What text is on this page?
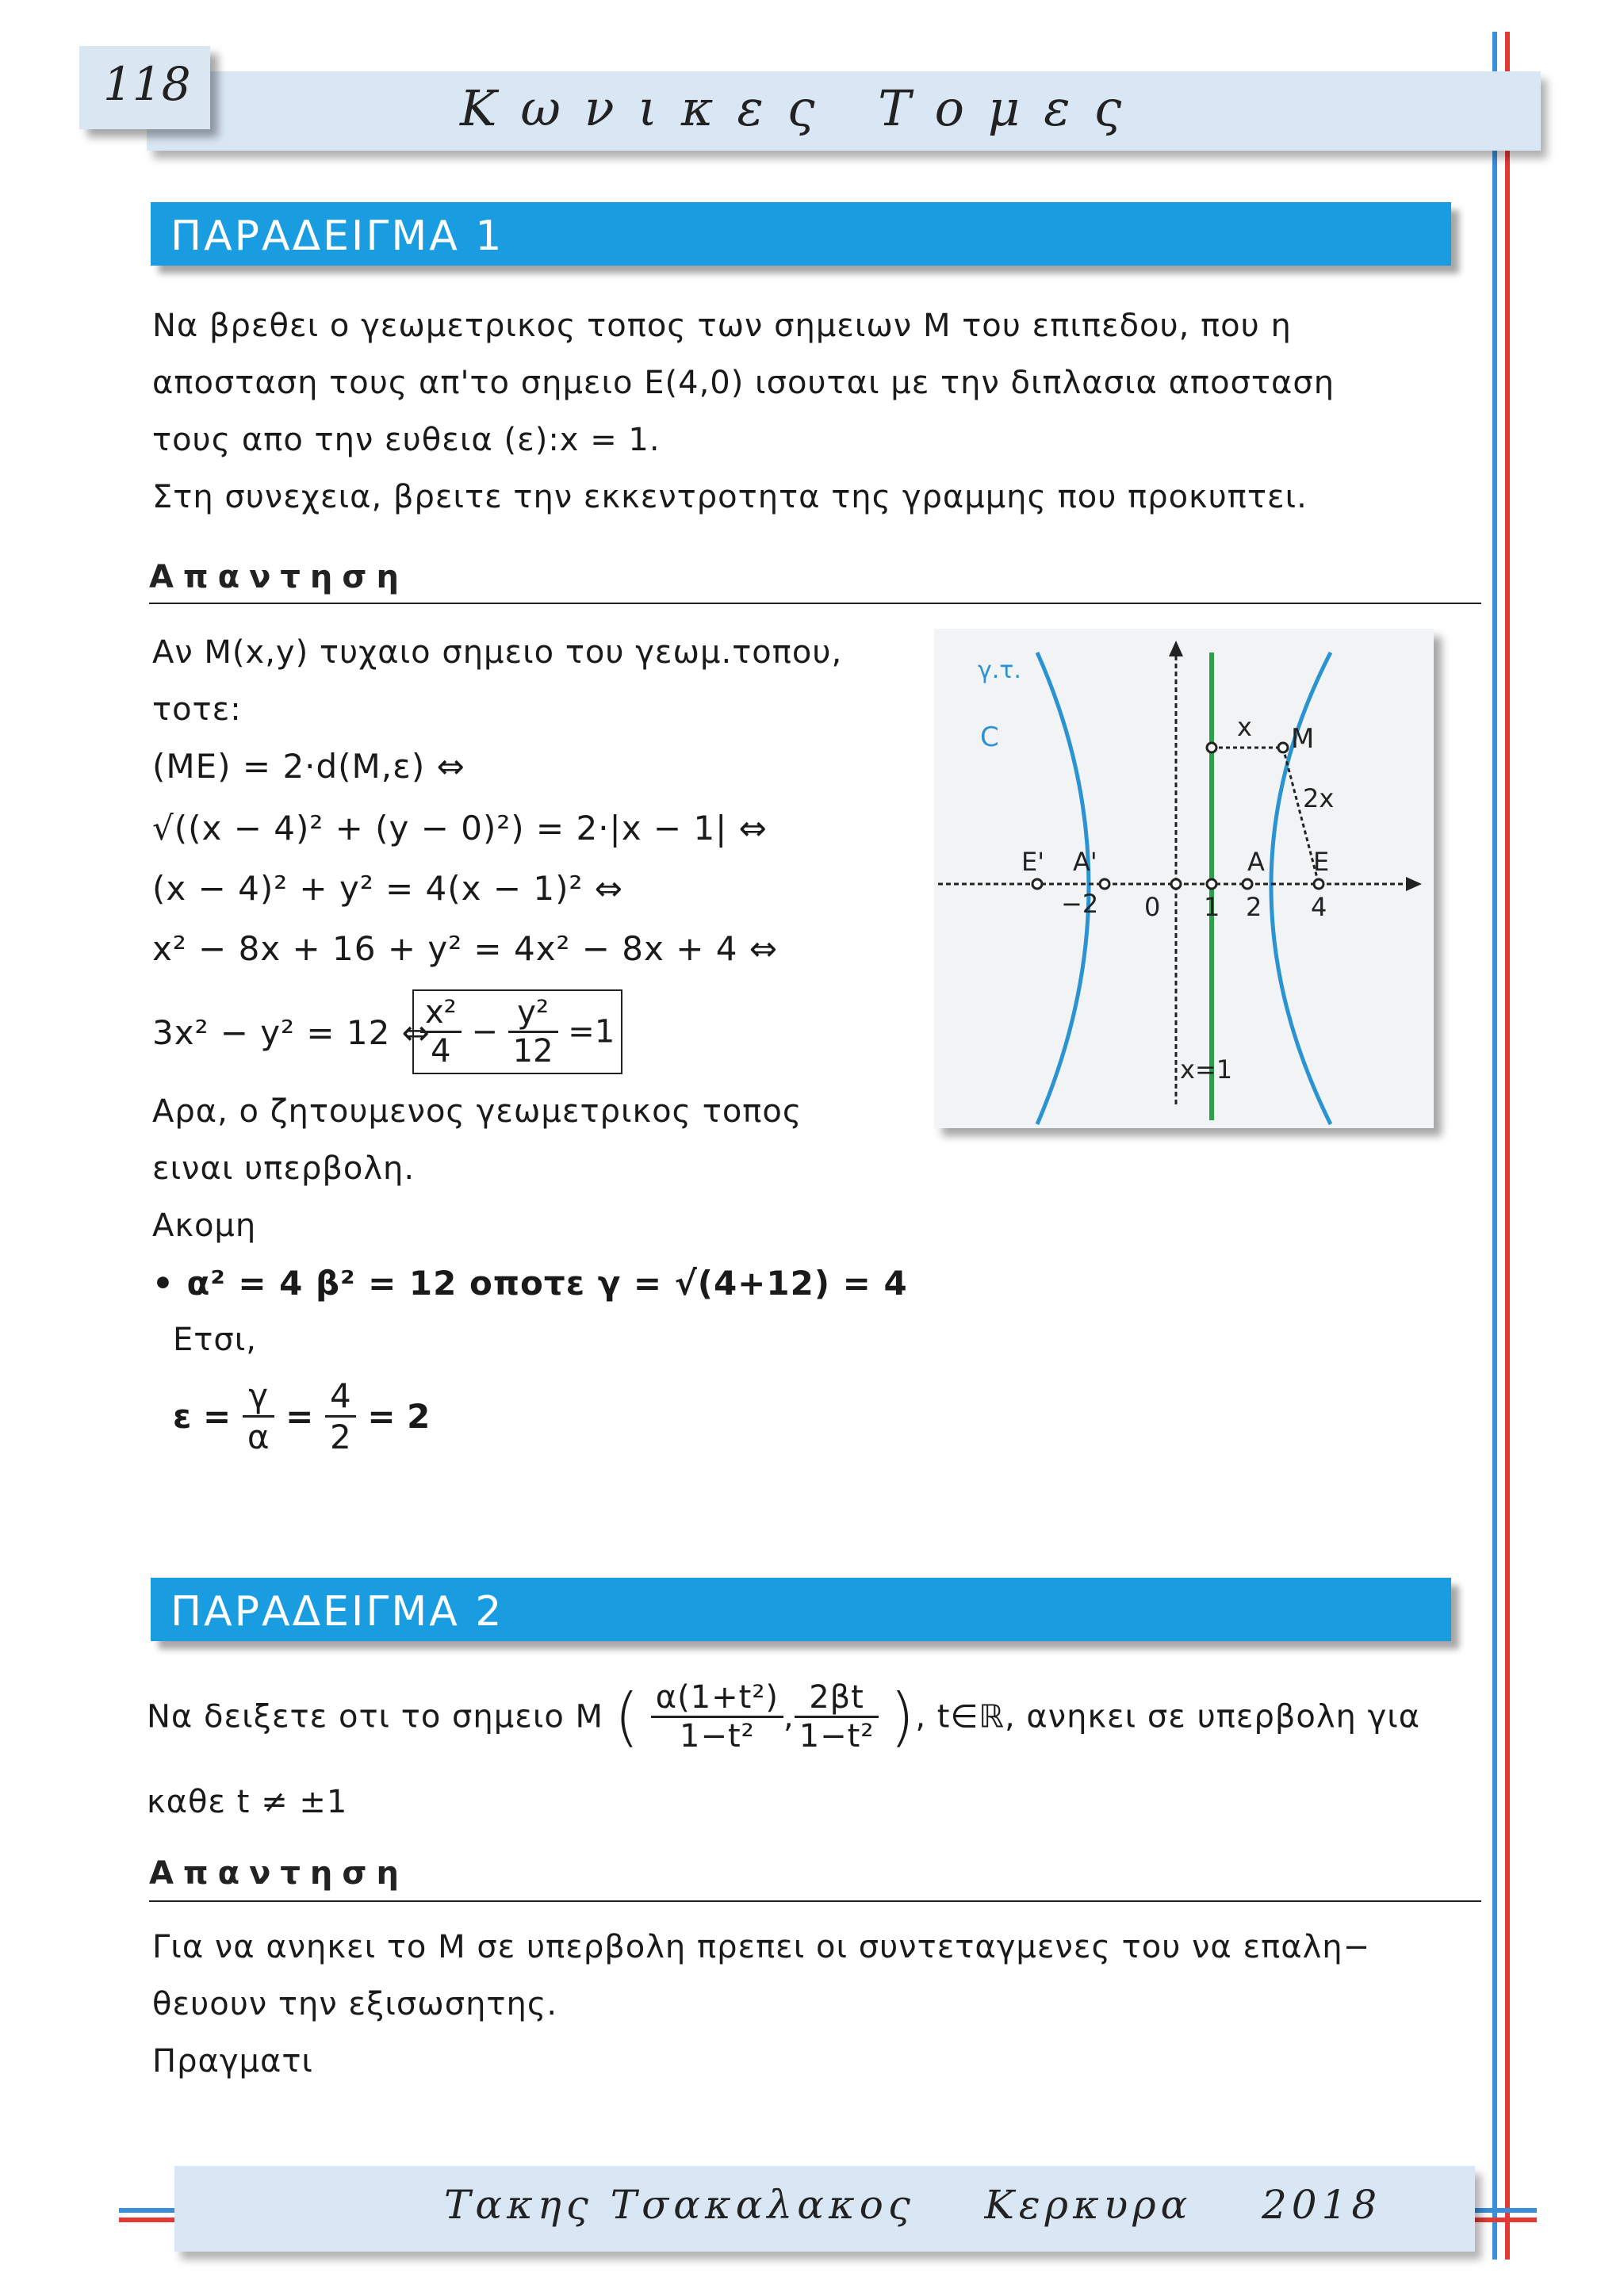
118	Κωνικες Τομες
ΠΑΡΑΔΕΙΓΜΑ 1
Να βρεθει ο γεωμετρικος τοπος των σημειων Μ του επιπεδου, που η
αποσταση τους απ'το σημειο Ε(4,0) ισουται με την διπλασια αποσταση
τους απο την ευθεια (ε):x = 1.
Στη συνεχεια, βρειτε την εκκεντροτητα της γραμμης που προκυπτει.
Απαντηση
Αν Μ(x,y) τυχαιο σημειο του γεωμ.τοπου,
τοτε:
(ΜΕ) = 2·d(Μ,ε) ⇔
√((x − 4)² + (y − 0)²) = 2·|x − 1| ⇔
(x − 4)² + y² = 4(x − 1)² ⇔
x² − 8x + 16 + y² = 4x² − 8x + 4 ⇔
3x² − y² = 12 ⇔
$\frac{\text{x²}}{4} - \frac{\text{y²}}{12} =1$
Αρα, ο ζητουμενος γεωμετρικος τοπος
ειναι υπερβολη.
Ακομη
• α² = 4 β² = 12 οποτε γ = √(4+12) = 4
Ετσι,
$\varepsilon = \frac{\gamma}{\alpha} = \frac{4}{2} = 2$
γ.τ.
C	x M
2x
Ε' Α'	Α Ε
−2 0 1 2 4
x=1
ΠΑΡΑΔΕΙΓΜΑ 2
Να δειξετε οτι το σημειο Μ ( $\frac{\text{α(1+t²)}}{\text{1−t²}}$ , $\frac{2\beta t}{\text{1−t²}}$ ), t∈ℝ, ανηκει σε υπερβολη για
καθε t ≠ ±1
Απαντηση
Για να ανηκει το Μ σε υπερβολη πρεπει οι συντεταγμενες του να επαλη−
θευουν την εξισωσητης.
Πραγματι
Τακης Τσακαλακος Κερκυρα 2018
